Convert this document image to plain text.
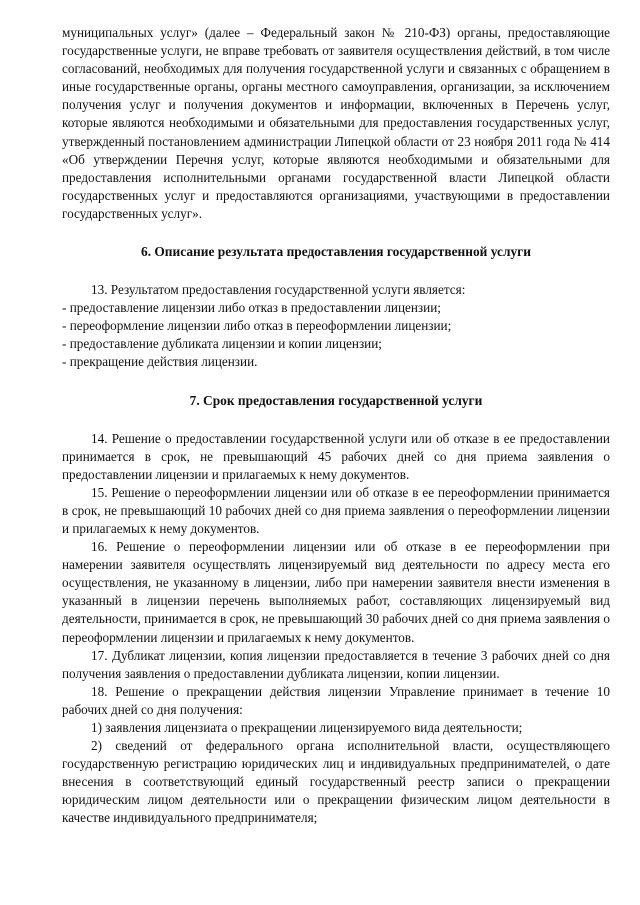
муниципальных услуг» (далее – Федеральный закон № 210-ФЗ) органы, предоставляющие государственные услуги, не вправе требовать от заявителя осуществления действий, в том числе согласований, необходимых для получения государственной услуги и связанных с обращением в иные государственные органы, органы местного самоуправления, организации, за исключением получения услуг и получения документов и информации, включенных в Перечень услуг, которые являются необходимыми и обязательными для предоставления государственных услуг, утвержденный постановлением администрации Липецкой области от 23 ноября 2011 года № 414 «Об утверждении Перечня услуг, которые являются необходимыми и обязательными для предоставления исполнительными органами государственной власти Липецкой области государственных услуг и предоставляются организациями, участвующими в предоставлении государственных услуг».

6. Описание результата предоставления государственной услуги

13. Результатом предоставления государственной услуги является:

- предоставление лицензии либо отказ в предоставлении лицензии;

- переоформление лицензии либо отказ в переоформлении лицензии;

- предоставление дубликата лицензии и копии лицензии;

- прекращение действия лицензии.

7. Срок предоставления государственной услуги

14. Решение о предоставлении государственной услуги или об отказе в ее предоставлении принимается в срок, не превышающий 45 рабочих дней со дня приема заявления о предоставлении лицензии и прилагаемых к нему документов.

15. Решение о переоформлении лицензии или об отказе в ее переоформлении принимается в срок, не превышающий 10 рабочих дней со дня приема заявления о переоформлении лицензии и прилагаемых к нему документов.

16. Решение о переоформлении лицензии или об отказе в ее переоформлении при намерении заявителя осуществлять лицензируемый вид деятельности по адресу места его осуществления, не указанному в лицензии, либо при намерении заявителя внести изменения в указанный в лицензии перечень выполняемых работ, составляющих лицензируемый вид деятельности, принимается в срок, не превышающий 30 рабочих дней со дня приема заявления о переоформлении лицензии и прилагаемых к нему документов.

17. Дубликат лицензии, копия лицензии предоставляется в течение 3 рабочих дней со дня получения заявления о предоставлении дубликата лицензии, копии лицензии.

18. Решение о прекращении действия лицензии Управление принимает в течение 10 рабочих дней со дня получения:

1) заявления лицензиата о прекращении лицензируемого вида деятельности;

2) сведений от федерального органа исполнительной власти, осуществляющего государственную регистрацию юридических лиц и индивидуальных предпринимателей, о дате внесения в соответствующий единый государственный реестр записи о прекращении юридическим лицом деятельности или о прекращении физическим лицом деятельности в качестве индивидуального предпринимателя;
